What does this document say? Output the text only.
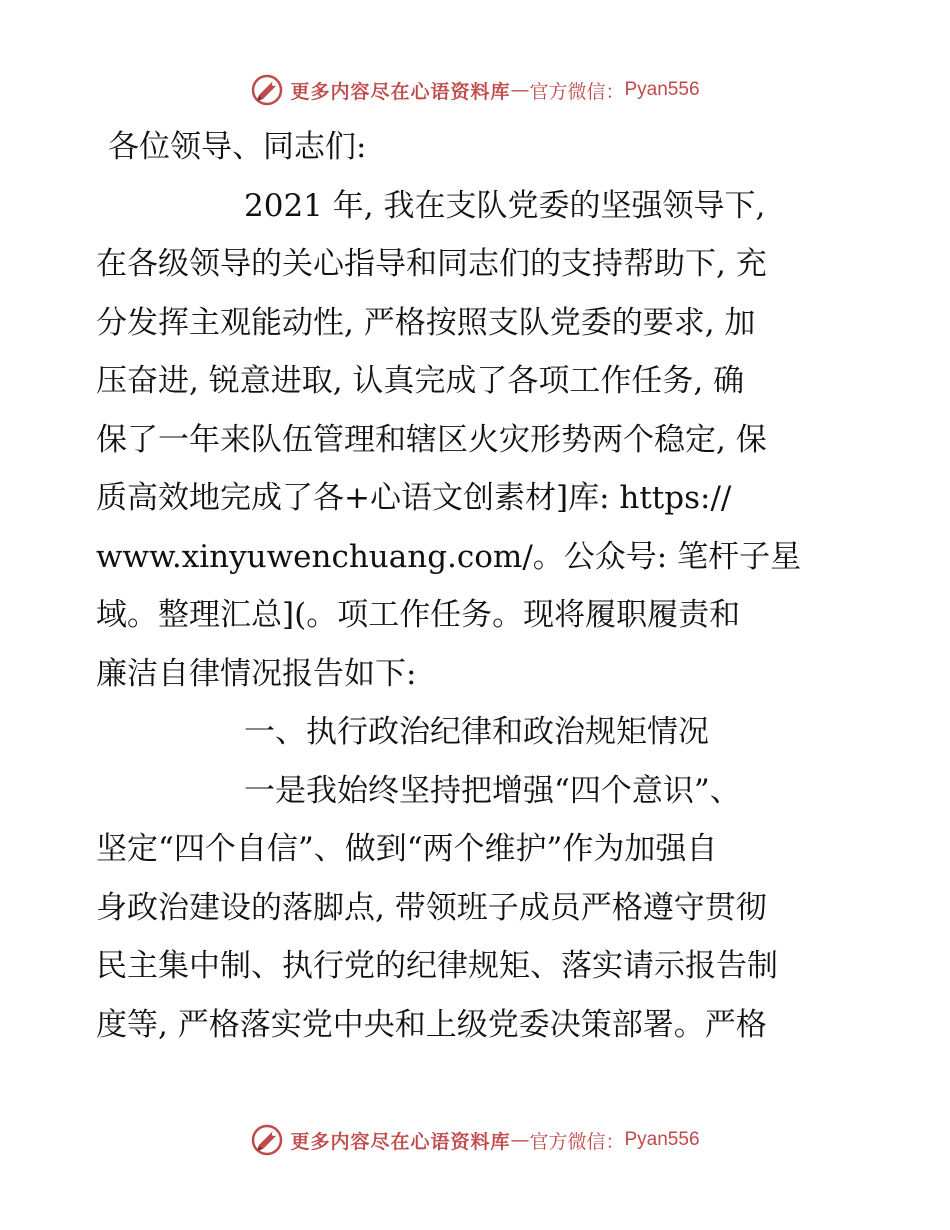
更多内容尽在心语资料库 — 官方微信： Pyan556
各位领导、同志们:
2021 年, 我在支队党委的坚强领导下,
在各级领导的关心指导和同志们的支持帮助下, 充
分发挥主观能动性, 严格按照支队党委的要求, 加
压奋进, 锐意进取, 认真完成了各项工作任务, 确
保了一年来队伍管理和辖区火灾形势两个稳定, 保
质高效地完成了各+心语文创素材]库: https://
www.xinyuwenchuang.com/。公众号: 笔杆子星
域。整理汇总](。项工作任务。现将履职履责和
廉洁自律情况报告如下:
一、执行政治纪律和政治规矩情况
一是我始终坚持把增强“四个意识”、
坚定“四个自信”、做到“两个维护”作为加强自
身政治建设的落脚点, 带领班子成员严格遵守贯彻
民主集中制、执行党的纪律规矩、落实请示报告制
度等, 严格落实党中央和上级党委决策部署。严格
更多内容尽在心语资料库 — 官方微信： Pyan556
